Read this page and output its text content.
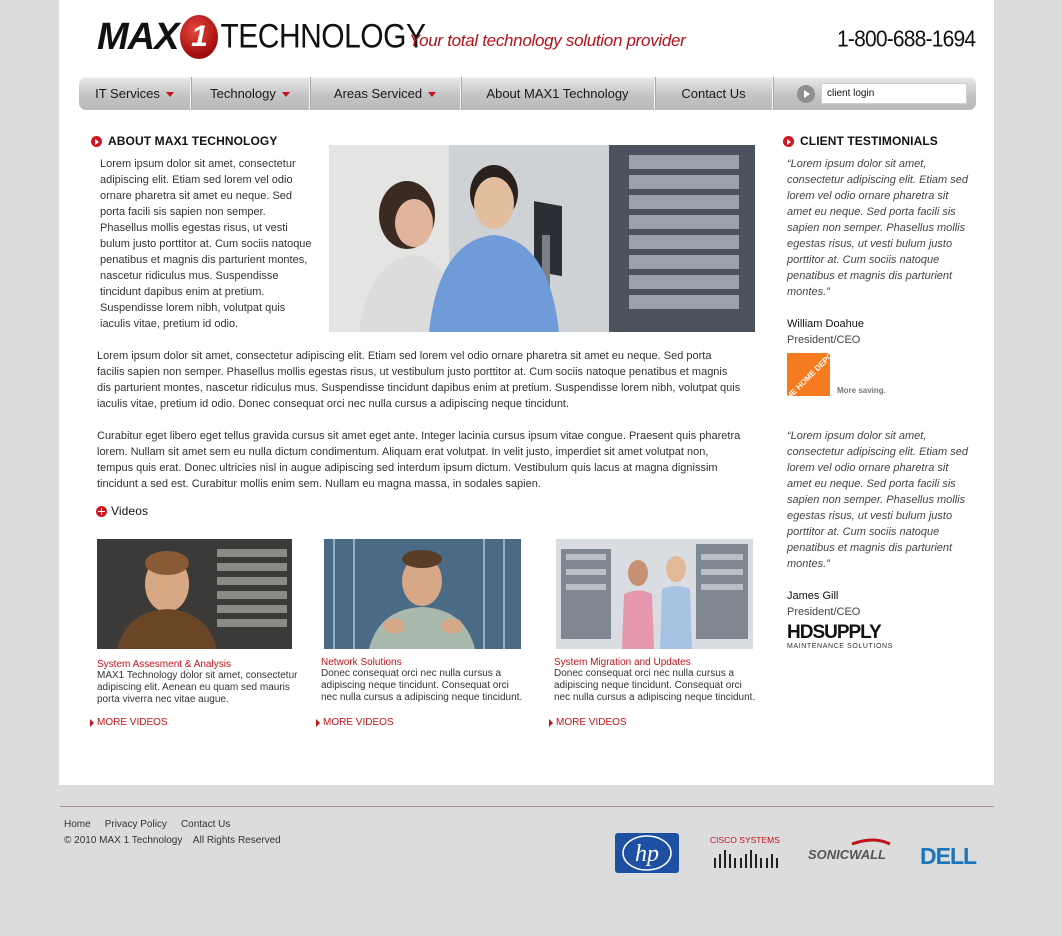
MAX 1 TECHNOLOGY
Your total technology solution provider	1-800-688-1694
IT Services	Technology	Areas Serviced	About MAX1 Technology	Contact Us
client login
ABOUT MAX1 TECHNOLOGY
Lorem ipsum dolor sit amet, consectetur adipiscing elit. Etiam sed lorem vel odio ornare pharetra sit amet eu neque. Sed porta facili sis sapien non semper. Phasellus mollis egestas risus, ut vesti bulum justo porttitor at. Cum sociis natoque penatibus et magnis dis parturient montes, nascetur ridiculus mus. Suspendisse tincidunt dapibus enim at pretium. Suspendisse lorem nibh, volutpat quis iaculis vitae, pretium id odio.
Lorem ipsum dolor sit amet, consectetur adipiscing elit. Etiam sed lorem vel odio ornare pharetra sit amet eu neque. Sed porta facilis sapien non semper. Phasellus mollis egestas risus, ut vestibulum justo porttitor at. Cum sociis natoque penatibus et magnis dis parturient montes, nascetur ridiculus mus. Suspendisse tincidunt dapibus enim at pretium. Suspendisse lorem nibh, volutpat quis iaculis vitae, pretium id odio. Donec consequat orci nec nulla cursus a adipiscing neque tincidunt.
Curabitur eget libero eget tellus gravida cursus sit amet eget ante. Integer lacinia cursus ipsum vitae congue. Praesent quis pharetra lorem. Nullam sit amet sem eu nulla dictum condimentum. Aliquam erat volutpat. In velit justo, imperdiet sit amet volutpat non, tempus quis erat. Donec ultricies nisl in augue adipiscing sed interdum ipsum dictum. Vestibulum quis lacus at magna dignissim tincidunt a sed est. Curabitur mollis enim sem. Nullam eu magna massa, in sodales sapien.
Videos
System Assesment & Analysis
MAX1 Technology dolor sit amet, consectetur adipiscing elit. Aenean eu quam sed mauris porta viverra nec vitae augue.
MORE VIDEOS
Network Solutions
Donec consequat orci nec nulla cursus a adipiscing neque tincidunt. Consequat orci nec nulla cursus a adipiscing neque tincidunt.
MORE VIDEOS
System Migration and Updates
Donec consequat orci nec nulla cursus a adipiscing neque tincidunt. Consequat orci nec nulla cursus a adipiscing neque tincidunt.
MORE VIDEOS
CLIENT TESTIMONIALS
“Lorem ipsum dolor sit amet, consectetur adipiscing elit. Etiam sed lorem vel odio ornare pharetra sit amet eu neque. Sed porta facili sis sapien non semper. Phasellus mollis egestas risus, ut vesti bulum justo porttitor at. Cum sociis natoque penatibus et magnis dis parturient montes.”
William Doahue
President/CEO
THE HOME DEPOT
More saving.
“Lorem ipsum dolor sit amet, consectetur adipiscing elit. Etiam sed lorem vel odio ornare pharetra sit amet eu neque. Sed porta facili sis sapien non semper. Phasellus mollis egestas risus, ut vesti bulum justo porttitor at. Cum sociis natoque penatibus et magnis dis parturient montes.”
James Gill
President/CEO
HDSUPPLY
MAINTENANCE SOLUTIONS
Home Privacy Policy Contact Us
© 2010 MAX 1 Technology    All Rights Reserved
hp
CISCO SYSTEMS
SONICWALL DELL
